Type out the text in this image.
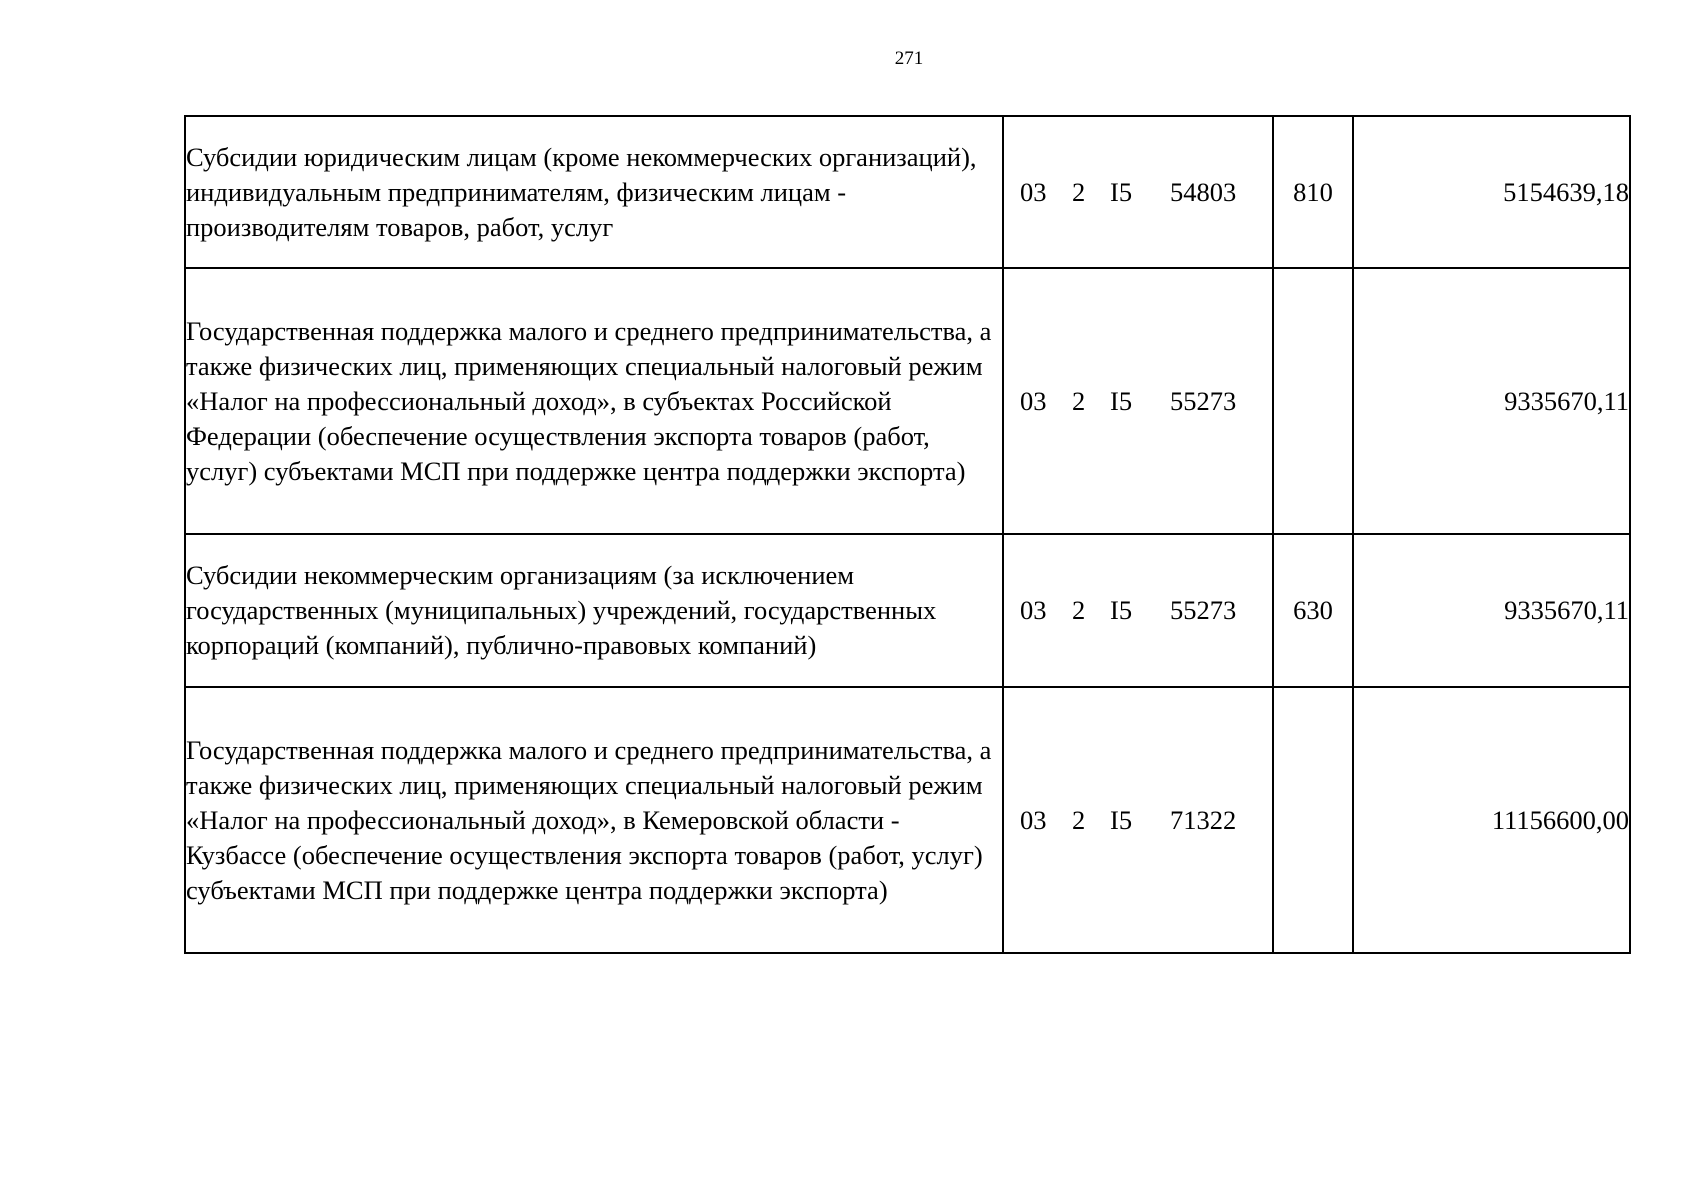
271
Субсидии юридическим лицам (кроме некоммерческих организаций), индивидуальным предпринимателям, физическим лицам - производителям товаров, работ, услуг	03 2 I5 54803	810	5154639,18
Государственная поддержка малого и среднего предпринимательства, а также физических лиц, применяющих специальный налоговый режим «Налог на профессиональный доход», в субъектах Российской Федерации (обеспечение осуществления экспорта товаров (работ, услуг) субъектами МСП при поддержке центра поддержки экспорта)	03 2 I5 55273		9335670,11
Субсидии некоммерческим организациям (за исключением государственных (муниципальных) учреждений, государственных корпораций (компаний), публично-правовых компаний)	03 2 I5 55273	630	9335670,11
Государственная поддержка малого и среднего предпринимательства, а также физических лиц, применяющих специальный налоговый режим «Налог на профессиональный доход», в Кемеровской области - Кузбассе (обеспечение осуществления экспорта товаров (работ, услуг) субъектами МСП при поддержке центра поддержки экспорта)	03 2 I5 71322		11156600,00
